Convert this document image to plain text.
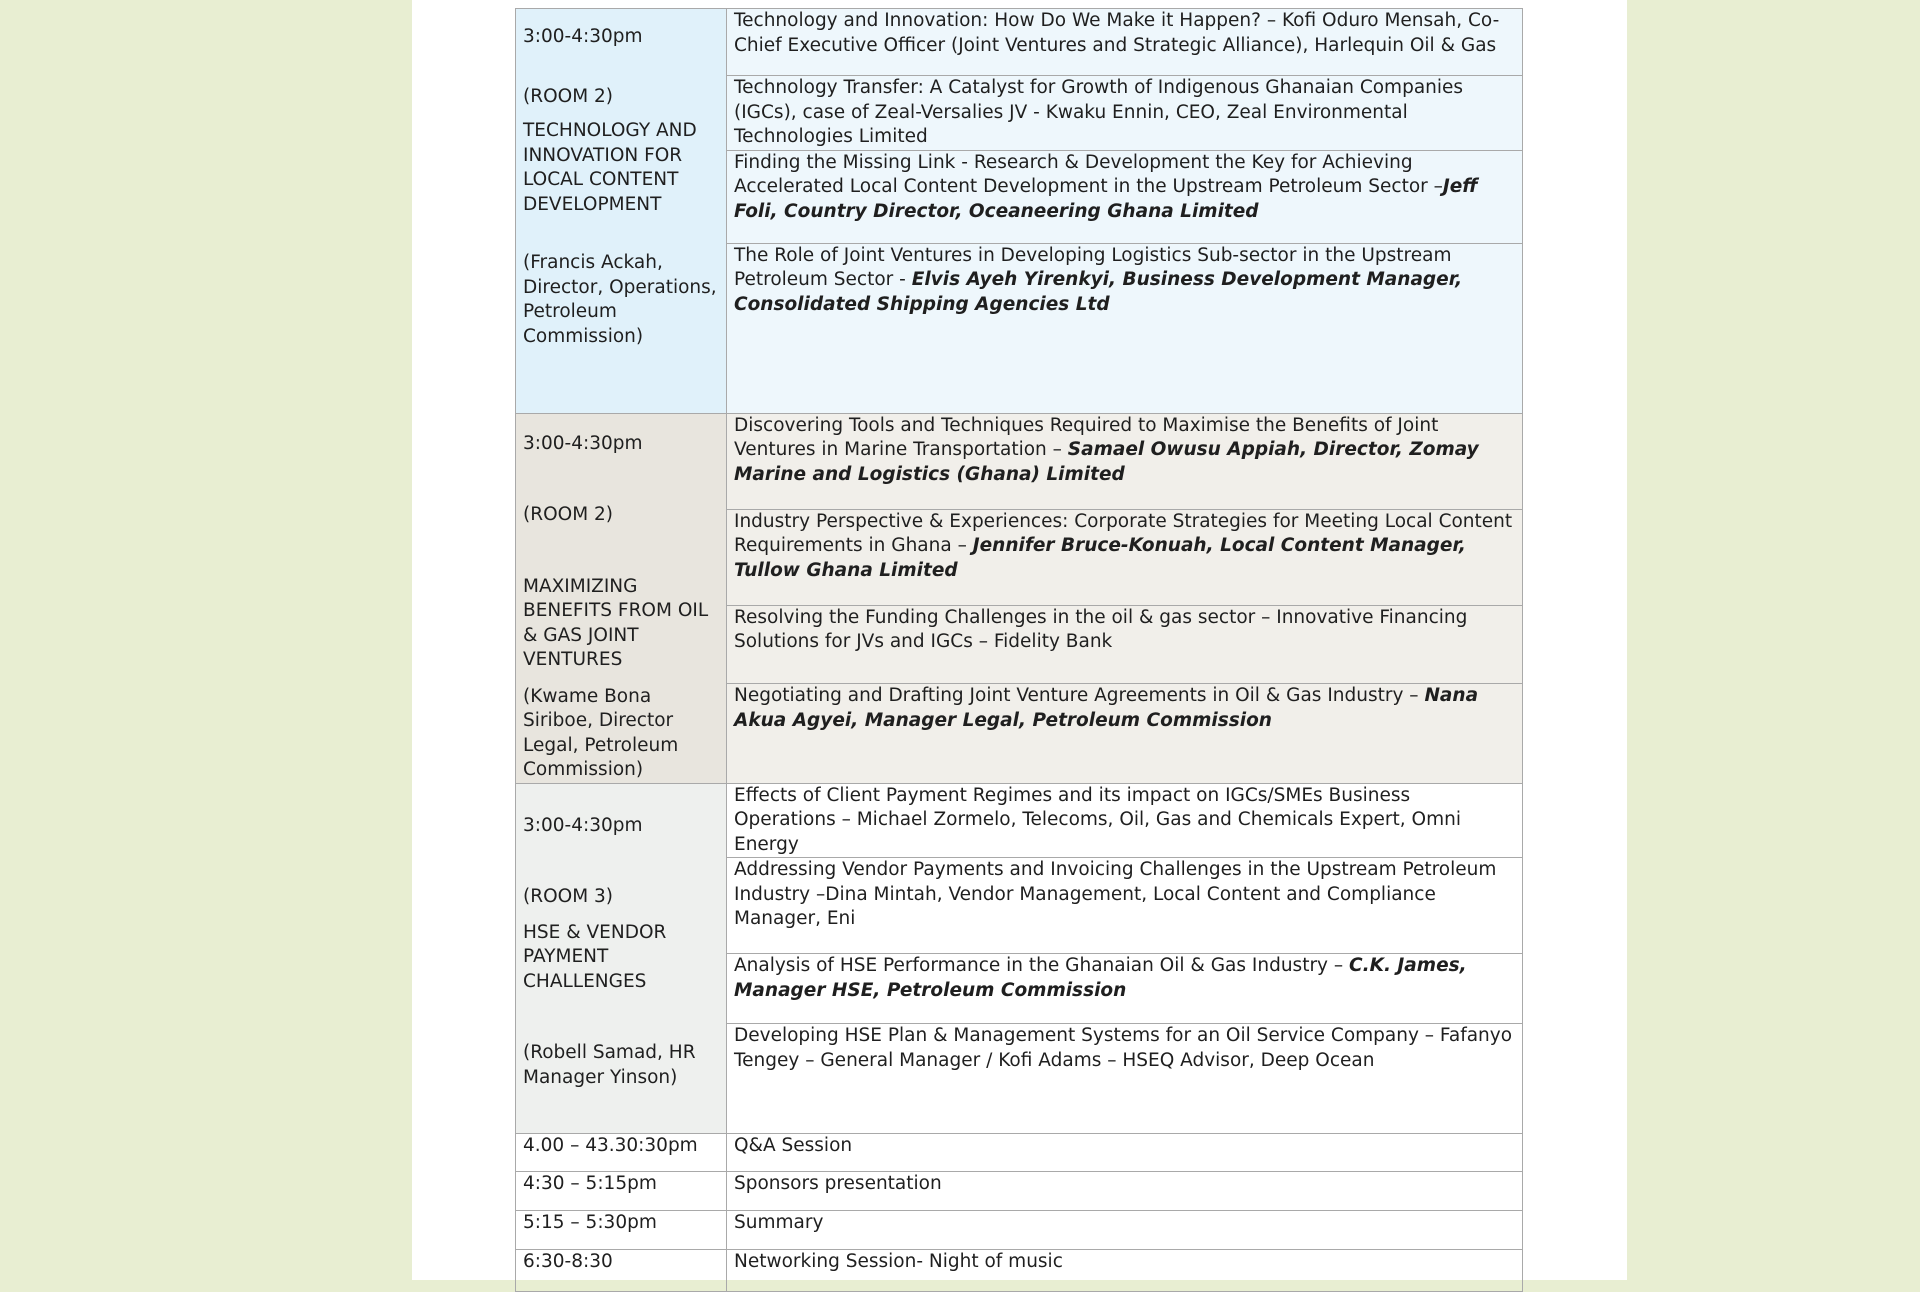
3:00-4:30pm

(ROOM 2)

TECHNOLOGY AND INNOVATION FOR LOCAL CONTENT DEVELOPMENT

(Francis Ackah, Director, Operations, Petroleum Commission)	Technology and Innovation: How Do We Make it Happen? – Kofi Oduro Mensah, Co-Chief Executive Officer (Joint Ventures and Strategic Alliance), Harlequin Oil & Gas
	Technology Transfer: A Catalyst for Growth of Indigenous Ghanaian Companies (IGCs), case of Zeal-Versalies JV - Kwaku Ennin, CEO, Zeal Environmental Technologies Limited
	Finding the Missing Link - Research & Development the Key for Achieving Accelerated Local Content Development in the Upstream Petroleum Sector –Jeff Foli, Country Director, Oceaneering Ghana Limited
	The Role of Joint Ventures in Developing Logistics Sub-sector in the Upstream Petroleum Sector - Elvis Ayeh Yirenkyi, Business Development Manager, Consolidated Shipping Agencies Ltd

3:00-4:30pm

(ROOM 2)

MAXIMIZING BENEFITS FROM OIL & GAS JOINT VENTURES

(Kwame Bona Siriboe, Director Legal, Petroleum Commission)	Discovering Tools and Techniques Required to Maximise the Benefits of Joint Ventures in Marine Transportation – Samael Owusu Appiah, Director, Zomay Marine and Logistics (Ghana) Limited
	Industry Perspective & Experiences: Corporate Strategies for Meeting Local Content Requirements in Ghana – Jennifer Bruce-Konuah, Local Content Manager, Tullow Ghana Limited
	Resolving the Funding Challenges in the oil & gas sector – Innovative Financing Solutions for JVs and IGCs – Fidelity Bank
	Negotiating and Drafting Joint Venture Agreements in Oil & Gas Industry – Nana Akua Agyei, Manager Legal, Petroleum Commission

3:00-4:30pm

(ROOM 3)

HSE & VENDOR PAYMENT CHALLENGES

(Robell Samad, HR Manager Yinson)	Effects of Client Payment Regimes and its impact on IGCs/SMEs Business Operations – Michael Zormelo, Telecoms, Oil, Gas and Chemicals Expert, Omni Energy
	Addressing Vendor Payments and Invoicing Challenges in the Upstream Petroleum Industry –Dina Mintah, Vendor Management, Local Content and Compliance Manager, Eni
	Analysis of HSE Performance in the Ghanaian Oil & Gas Industry – C.K. James, Manager HSE, Petroleum Commission
	Developing HSE Plan & Management Systems for an Oil Service Company – Fafanyo Tengey – General Manager / Kofi Adams – HSEQ Advisor, Deep Ocean
4.00 – 43.30:30pm	Q&A Session
4:30 – 5:15pm	Sponsors presentation
5:15 – 5:30pm	Summary
6:30-8:30	Networking Session- Night of music
